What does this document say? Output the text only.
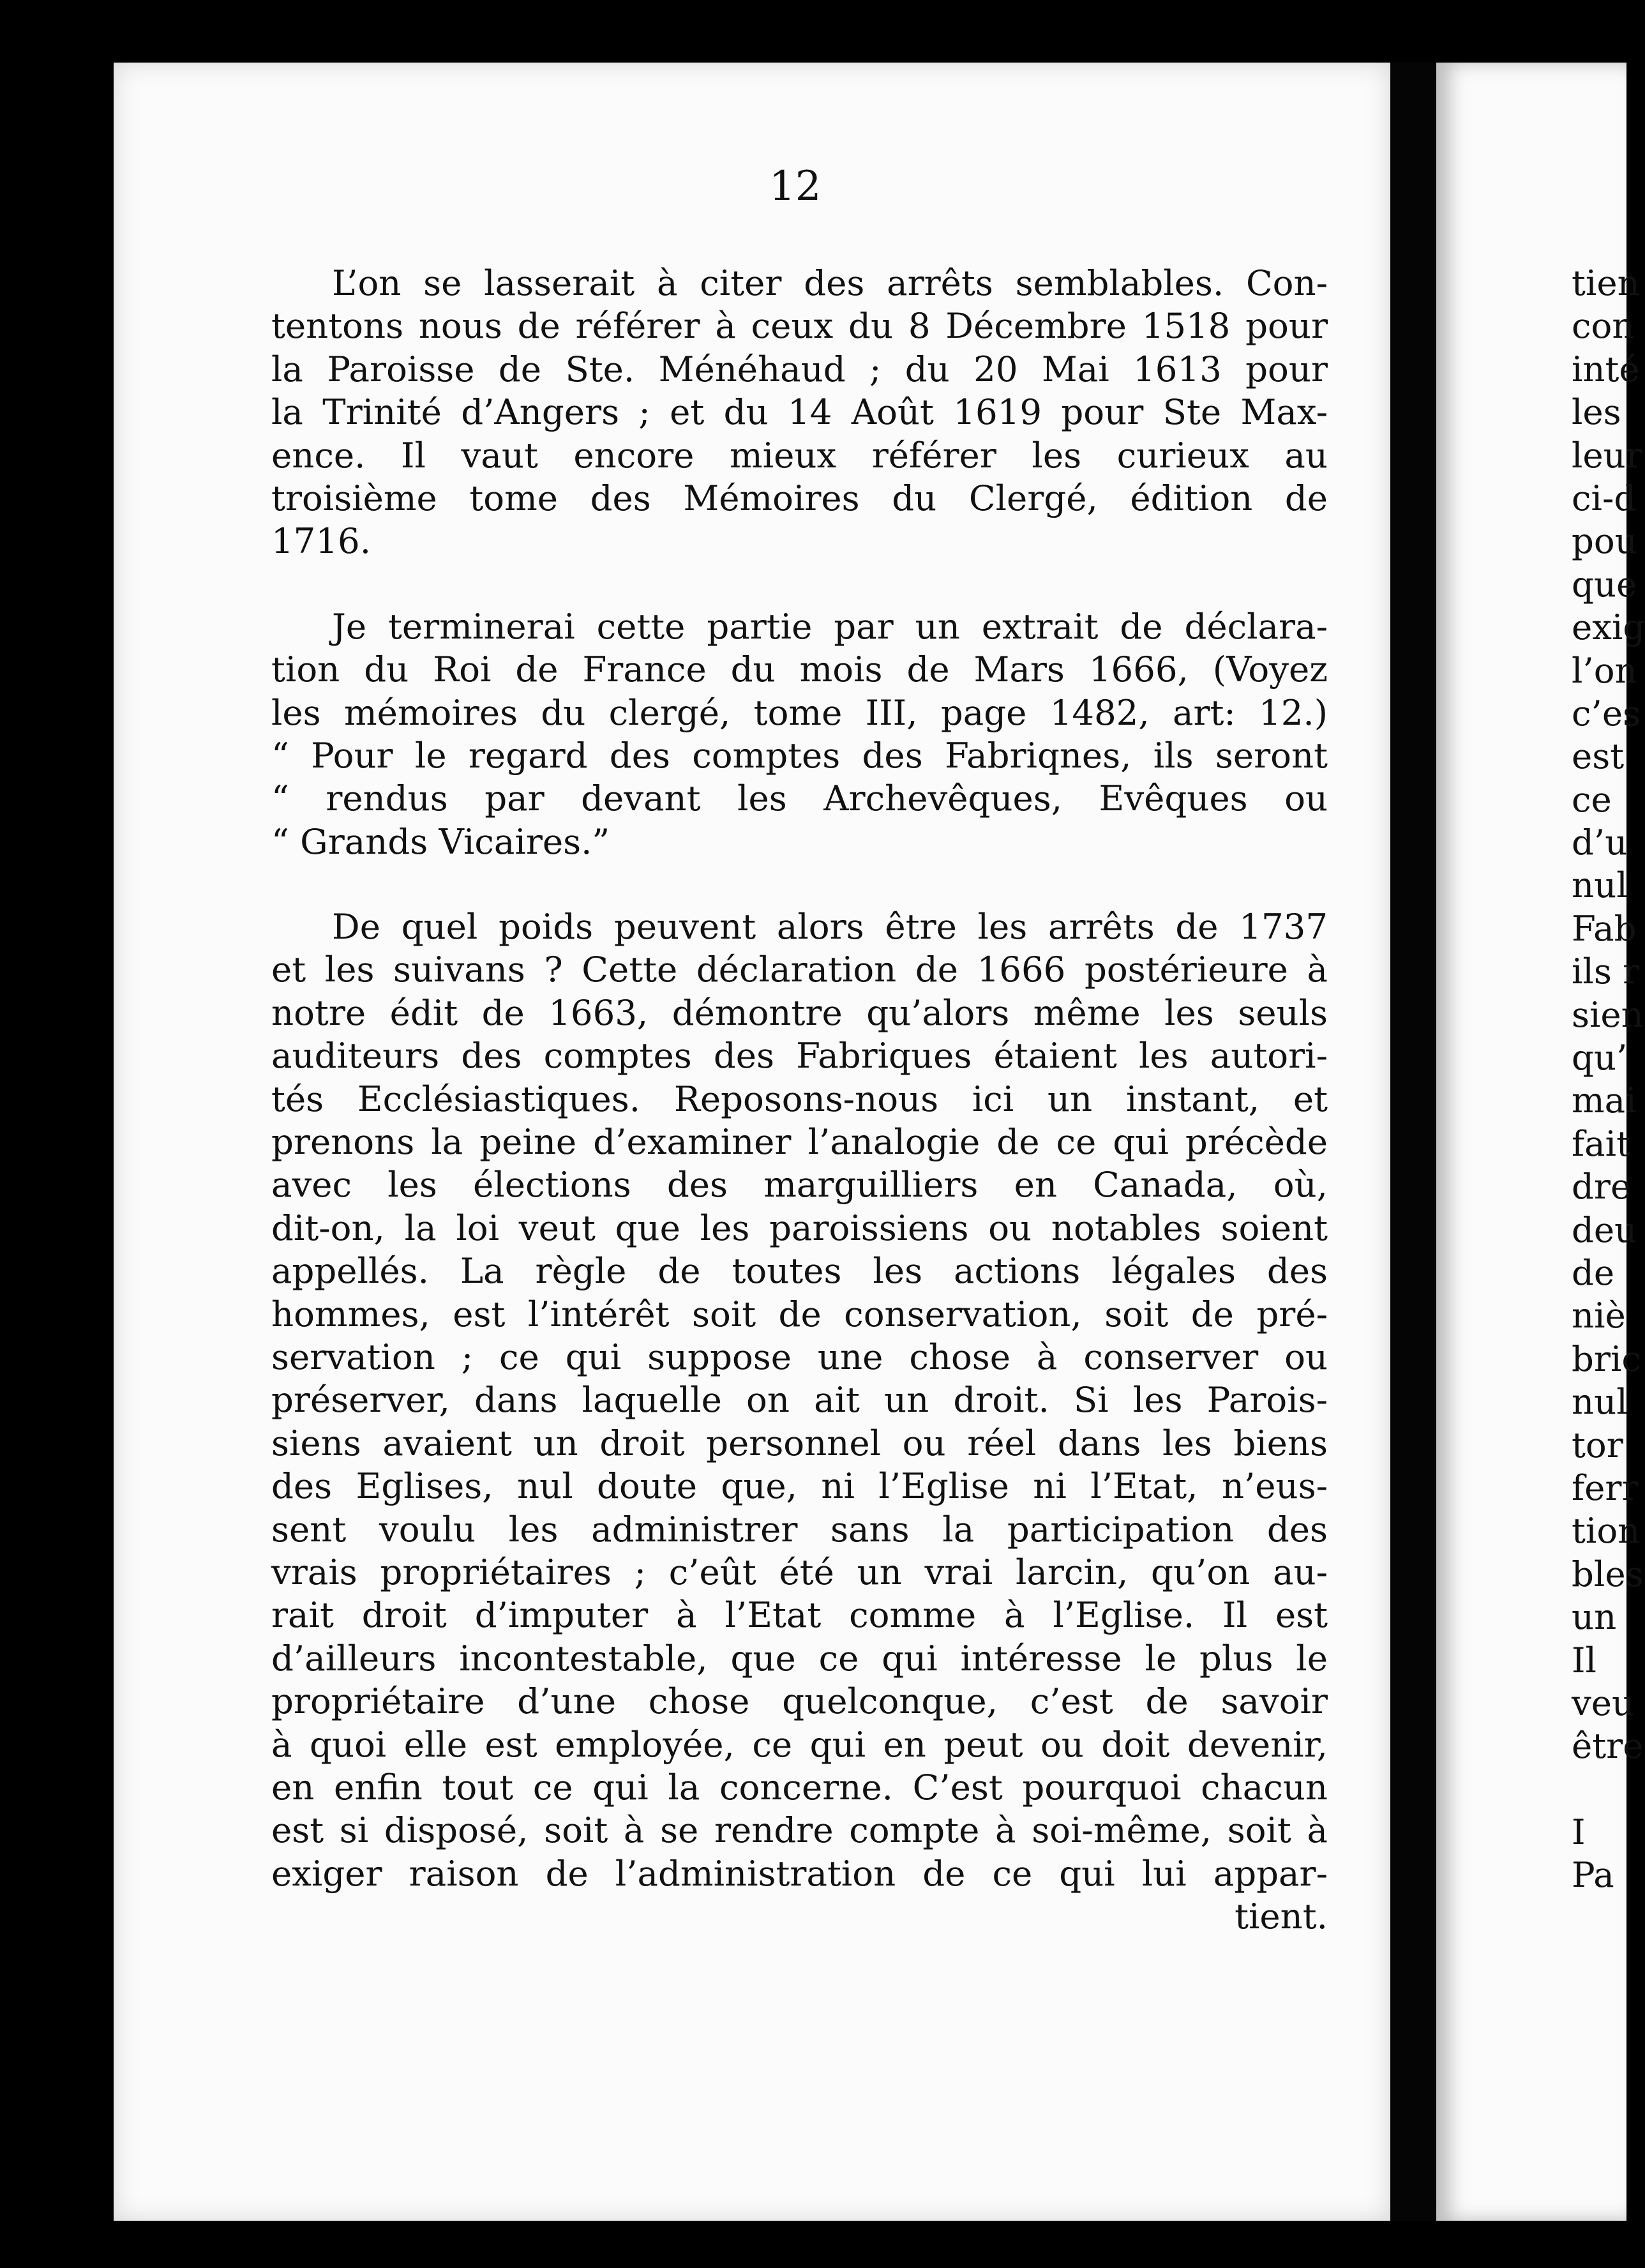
12
L’on se lasserait à citer des arrêts semblables. Con-
tentons nous de référer à ceux du 8 Décembre 1518 pour
la Paroisse de Ste. Ménéhaud ; du 20 Mai 1613 pour
la Trinité d’Angers ; et du 14 Août 1619 pour Ste Max-
ence. Il vaut encore mieux référer les curieux au
troisième tome des Mémoires du Clergé, édition de
1716.
Je terminerai cette partie par un extrait de déclara-
tion du Roi de France du mois de Mars 1666, (Voyez
les mémoires du clergé, tome III, page 1482, art: 12.)
“ Pour le regard des comptes des Fabriqnes, ils seront
“ rendus par devant les Archevêques, Evêques ou
“ Grands Vicaires.”
De quel poids peuvent alors être les arrêts de 1737
et les suivans ? Cette déclaration de 1666 postérieure à
notre édit de 1663, démontre qu’alors même les seuls
auditeurs des comptes des Fabriques étaient les autori-
tés Ecclésiastiques. Reposons-nous ici un instant, et
prenons la peine d’examiner l’analogie de ce qui précède
avec les élections des marguilliers en Canada, où,
dit-on, la loi veut que les paroissiens ou notables soient
appellés. La règle de toutes les actions légales des
hommes, est l’intérêt soit de conservation, soit de pré-
servation ; ce qui suppose une chose à conserver ou
préserver, dans laquelle on ait un droit. Si les Parois-
siens avaient un droit personnel ou réel dans les biens
des Eglises, nul doute que, ni l’Eglise ni l’Etat, n’eus-
sent voulu les administrer sans la participation des
vrais propriétaires ; c’eût été un vrai larcin, qu’on au-
rait droit d’imputer à l’Etat comme à l’Eglise. Il est
d’ailleurs incontestable, que ce qui intéresse le plus le
propriétaire d’une chose quelconque, c’est de savoir
à quoi elle est employée, ce qui en peut ou doit devenir,
en enfin tout ce qui la concerne. C’est pourquoi chacun
est si disposé, soit à se rendre compte à soi-même, soit à
exiger raison de l’administration de ce qui lui appar-
tient.
tien
con
inté
les
leur
ci-d
pou
que
exig
l’on
c’es
est
ce
d’u
nul
Fab
ils r
sien
qu’
mai
fait
dre
deu
de
niè
bric
nul
tor
ferr
tion
bles
un
Il
veu
être
I
Pa
